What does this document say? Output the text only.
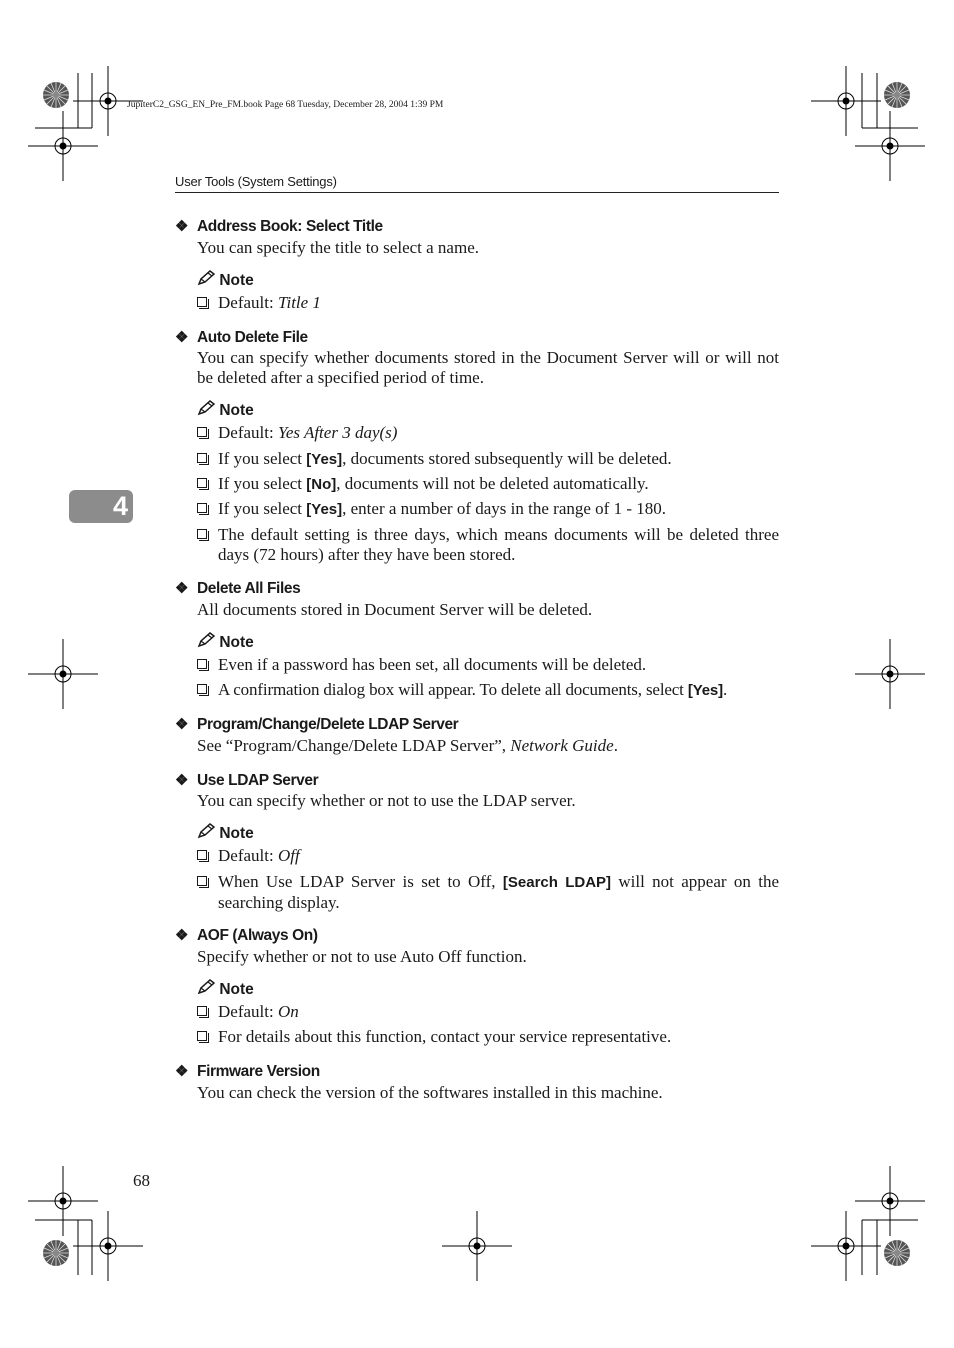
JupiterC2_GSG_EN_Pre_FM.book Page 68 Tuesday, December 28, 2004 1:39 PM
User Tools (System Settings)
4
❖ Address Book: Select Title
You can specify the title to select a name.
Note
Default: Title 1
❖ Auto Delete File
You can specify whether documents stored in the Document Server will or will not be deleted after a specified period of time.
Note
Default: Yes After 3 day(s)
If you select [Yes], documents stored subsequently will be deleted.
If you select [No], documents will not be deleted automatically.
If you select [Yes], enter a number of days in the range of 1 - 180.
The default setting is three days, which means documents will be deleted three days (72 hours) after they have been stored.
❖ Delete All Files
All documents stored in Document Server will be deleted.
Note
Even if a password has been set, all documents will be deleted.
A confirmation dialog box will appear. To delete all documents, select [Yes].
❖ Program/Change/Delete LDAP Server
See “Program/Change/Delete LDAP Server”, Network Guide.
❖ Use LDAP Server
You can specify whether or not to use the LDAP server.
Note
Default: Off
When Use LDAP Server is set to Off, [Search LDAP] will not appear on the searching display.
❖ AOF (Always On)
Specify whether or not to use Auto Off function.
Note
Default: On
For details about this function, contact your service representative.
❖ Firmware Version
You can check the version of the softwares installed in this machine.
68
